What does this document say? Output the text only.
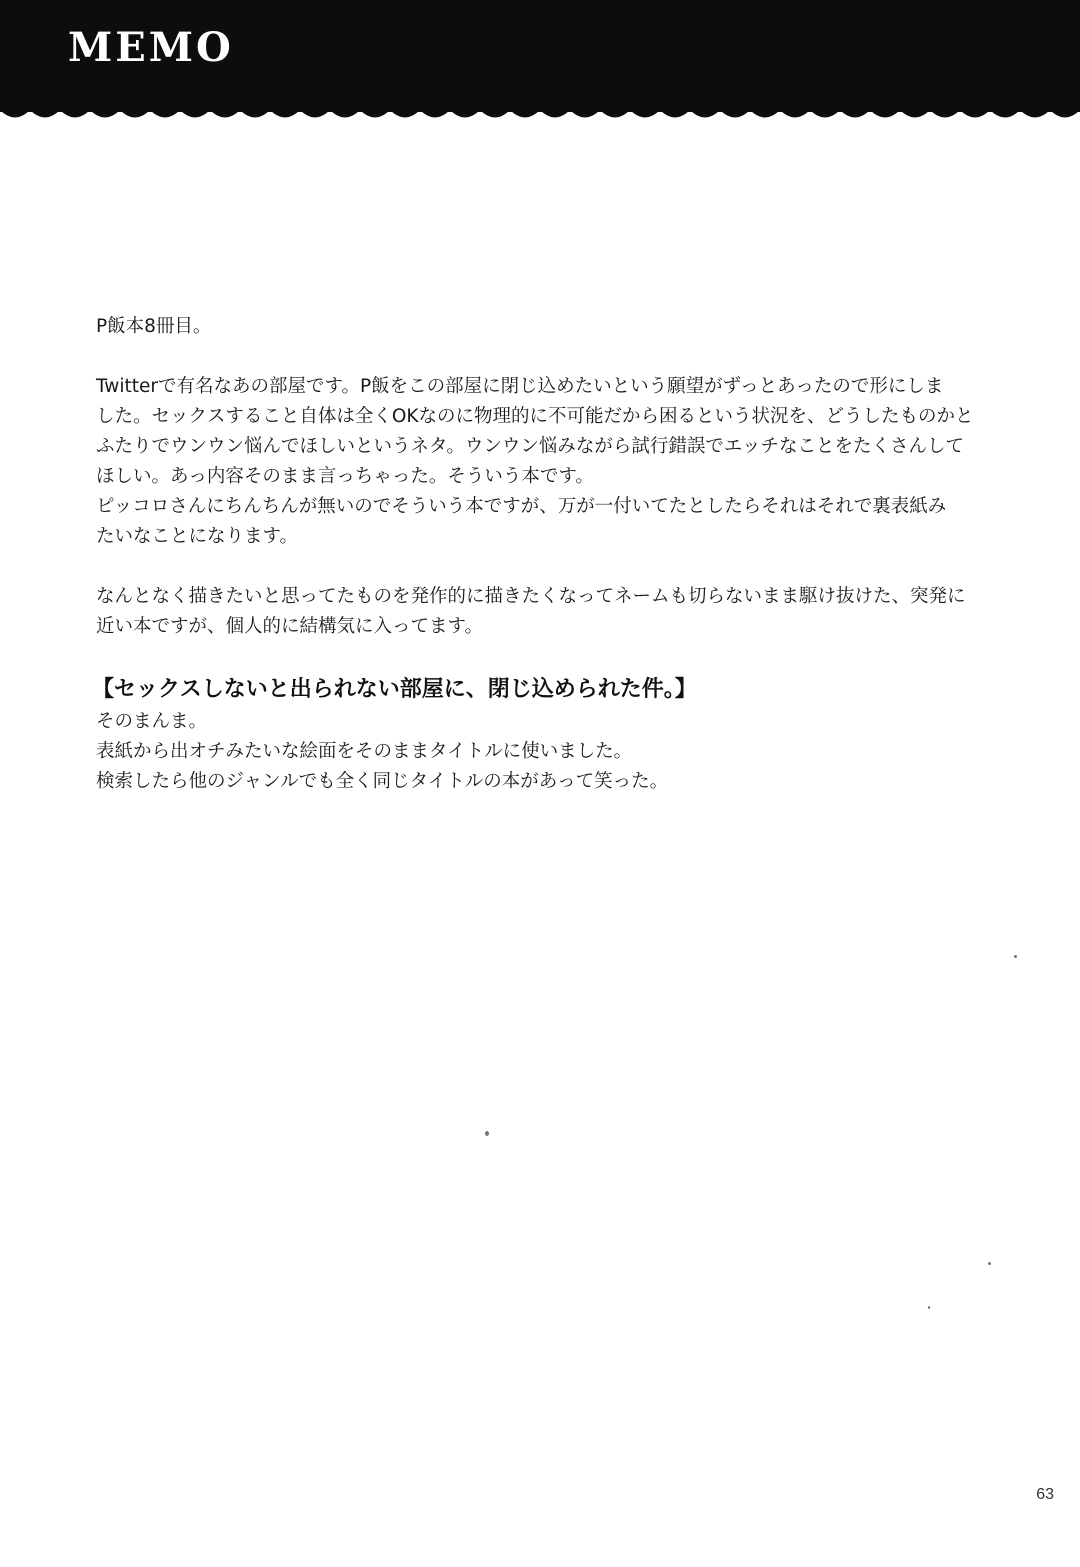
MEMO

P飯本8冊目。

Twitterで有名なあの部屋です。P飯をこの部屋に閉じ込めたいという願望がずっとあったので形にしま
した。セックスすること自体は全くOKなのに物理的に不可能だから困るという状況を、どうしたものかと
ふたりでウンウン悩んでほしいというネタ。ウンウン悩みながら試行錯誤でエッチなことをたくさんして
ほしい。あっ内容そのまま言っちゃった。そういう本です。
ピッコロさんにちんちんが無いのでそういう本ですが、万が一付いてたとしたらそれはそれで裏表紙み
たいなことになります。

なんとなく描きたいと思ってたものを発作的に描きたくなってネームも切らないまま駆け抜けた、突発に
近い本ですが、個人的に結構気に入ってます。

【セックスしないと出られない部屋に、閉じ込められた件。】

そのまんま。
表紙から出オチみたいな絵面をそのままタイトルに使いました。
検索したら他のジャンルでも全く同じタイトルの本があって笑った。

63
